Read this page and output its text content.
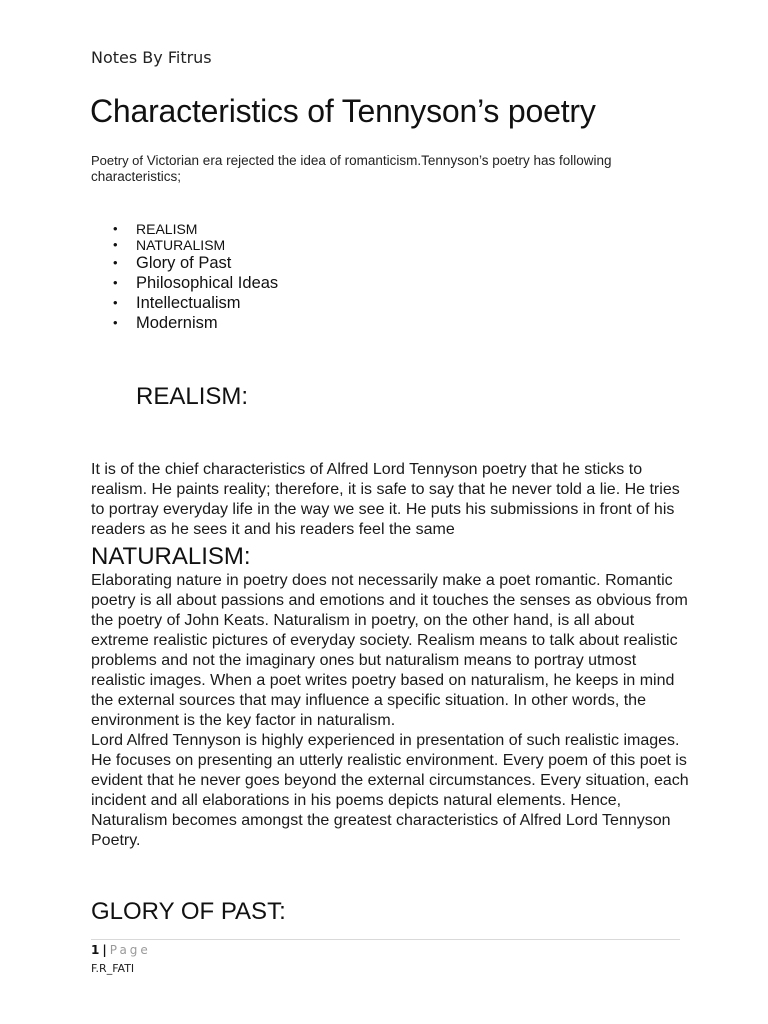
Notes By Fitrus
Characteristics of Tennyson’s poetry
Poetry of Victorian era rejected the idea of romanticism.Tennyson’s poetry has following characteristics;
• REALISM
• NATURALISM
• Glory of Past
• Philosophical Ideas
• Intellectualism
• Modernism
REALISM:
It is of the chief characteristics of Alfred Lord Tennyson poetry that he sticks to realism. He paints reality; therefore, it is safe to say that he never told a lie. He tries to portray everyday life in the way we see it. He puts his submissions in front of his readers as he sees it and his readers feel the same
NATURALISM:
Elaborating nature in poetry does not necessarily make a poet romantic. Romantic poetry is all about passions and emotions and it touches the senses as obvious from the poetry of John Keats. Naturalism in poetry, on the other hand, is all about extreme realistic pictures of everyday society. Realism means to talk about realistic problems and not the imaginary ones but naturalism means to portray utmost realistic images. When a poet writes poetry based on naturalism, he keeps in mind the external sources that may influence a specific situation. In other words, the environment is the key factor in naturalism.
Lord Alfred Tennyson is highly experienced in presentation of such realistic images. He focuses on presenting an utterly realistic environment. Every poem of this poet is evident that he never goes beyond the external circumstances. Every situation, each incident and all elaborations in his poems depicts natural elements. Hence, Naturalism becomes amongst the greatest characteristics of Alfred Lord Tennyson Poetry.
GLORY OF PAST:
1 | Page
F.R_FATI
